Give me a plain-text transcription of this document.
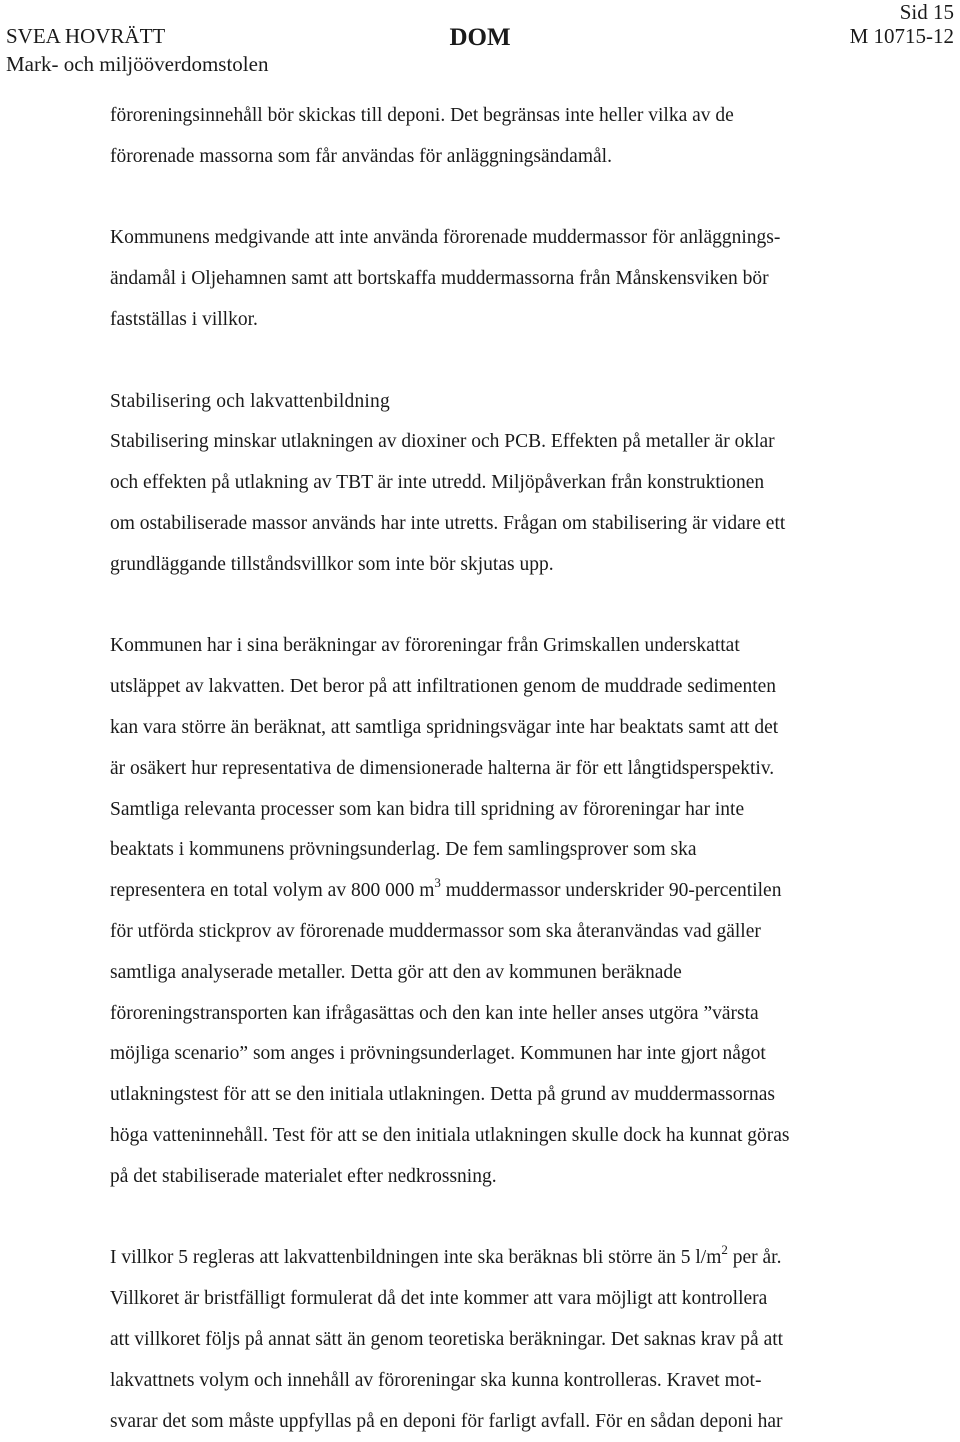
SVEA HOVRÄTT
Mark- och miljööverdomstolen
DOM
Sid 15
M 10715-12

föroreningsinnehåll bör skickas till deponi. Det begränsas inte heller vilka av de

förorenade massorna som får användas för anläggningsändamål.

Kommunens medgivande att inte använda förorenade muddermassor för anläggnings-

ändamål i Oljehamnen samt att bortskaffa muddermassorna från Månskensviken bör

fastställas i villkor.

Stabilisering och lakvattenbildning

Stabilisering minskar utlakningen av dioxiner och PCB. Effekten på metaller är oklar

och effekten på utlakning av TBT är inte utredd. Miljöpåverkan från konstruktionen

om ostabiliserade massor används har inte utretts. Frågan om stabilisering är vidare ett

grundläggande tillståndsvillkor som inte bör skjutas upp.

Kommunen har i sina beräkningar av föroreningar från Grimskallen underskattat

utsläppet av lakvatten. Det beror på att infiltrationen genom de muddrade sedimenten

kan vara större än beräknat, att samtliga spridningsvägar inte har beaktats samt att det

är osäkert hur representativa de dimensionerade halterna är för ett långtidsperspektiv.

Samtliga relevanta processer som kan bidra till spridning av föroreningar har inte

beaktats i kommunens prövningsunderlag. De fem samlingsprover som ska

representera en total volym av 800 000 $m^3$ muddermassor underskrider 90-percentilen

för utförda stickprov av förorenade muddermassor som ska återanvändas vad gäller

samtliga analyserade metaller. Detta gör att den av kommunen beräknade

föroreningstransporten kan ifrågasättas och den kan inte heller anses utgöra ”värsta

möjliga scenario” som anges i prövningsunderlaget. Kommunen har inte gjort något

utlakningstest för att se den initiala utlakningen. Detta på grund av muddermassornas

höga vatteninnehåll. Test för att se den initiala utlakningen skulle dock ha kunnat göras

på det stabiliserade materialet efter nedkrossning.

I villkor 5 regleras att lakvattenbildningen inte ska beräknas bli större än 5 $l/m^2$ per år.

Villkoret är bristfälligt formulerat då det inte kommer att vara möjligt att kontrollera

att villkoret följs på annat sätt än genom teoretiska beräkningar. Det saknas krav på att

lakvattnets volym och innehåll av föroreningar ska kunna kontrolleras. Kravet mot-

svarar det som måste uppfyllas på en deponi för farligt avfall. För en sådan deponi har
